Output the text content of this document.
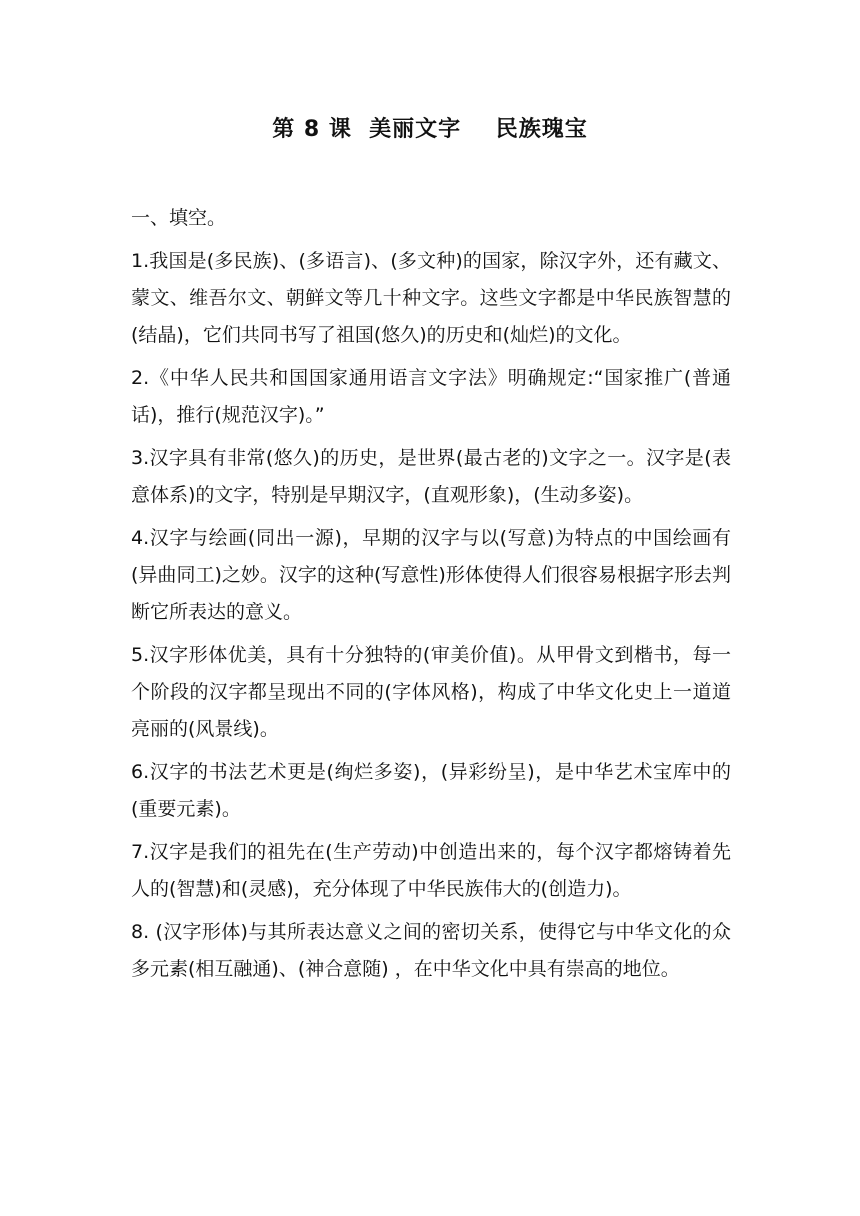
第 8 课  美丽文字    民族瑰宝

一、填空。

1.我国是(多民族)、(多语言)、(多文种)的国家，除汉字外，还有藏文、蒙文、维吾尔文、朝鲜文等几十种文字。这些文字都是中华民族智慧的(结晶)，它们共同书写了祖国(悠久)的历史和(灿烂)的文化。

2.《中华人民共和国国家通用语言文字法》明确规定:“国家推广(普通话)，推行(规范汉字)。”

3.汉字具有非常(悠久)的历史，是世界(最古老的)文字之一。汉字是(表意体系)的文字，特别是早期汉字，(直观形象)，(生动多姿)。

4.汉字与绘画(同出一源)，早期的汉字与以(写意)为特点的中国绘画有(异曲同工)之妙。汉字的这种(写意性)形体使得人们很容易根据字形去判断它所表达的意义。

5.汉字形体优美，具有十分独特的(审美价值)。从甲骨文到楷书，每一个阶段的汉字都呈现出不同的(字体风格)，构成了中华文化史上一道道亮丽的(风景线)。

6.汉字的书法艺术更是(绚烂多姿)，(异彩纷呈)，是中华艺术宝库中的(重要元素)。

7.汉字是我们的祖先在(生产劳动)中创造出来的，每个汉字都熔铸着先人的(智慧)和(灵感)，充分体现了中华民族伟大的(创造力)。

8. (汉字形体)与其所表达意义之间的密切关系，使得它与中华文化的众多元素(相互融通)、(神合意随) ，在中华文化中具有崇高的地位。
